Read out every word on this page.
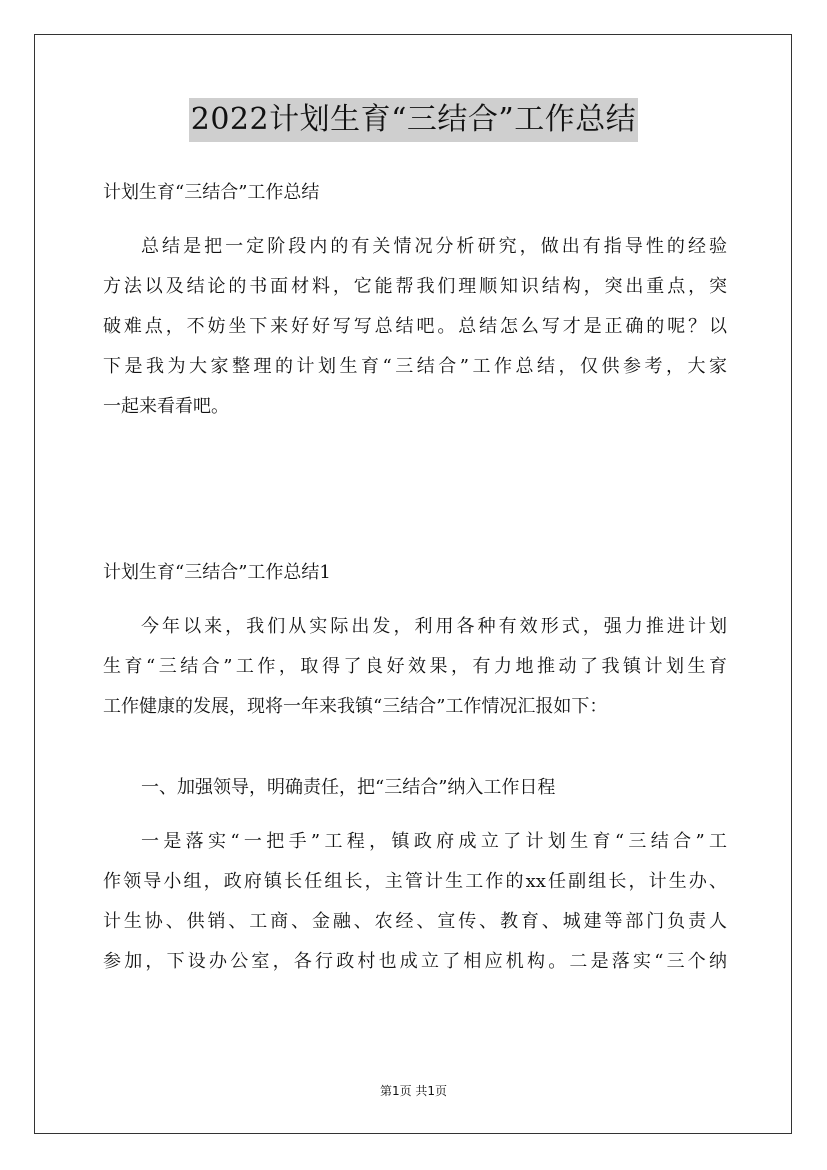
2022计划生育“三结合”工作总结

计划生育“三结合”工作总结

总结是把一定阶段内的有关情况分析研究，做出有指导性的经验

方法以及结论的书面材料，它能帮我们理顺知识结构，突出重点，突

破难点，不妨坐下来好好写写总结吧。总结怎么写才是正确的呢？以

下是我为大家整理的计划生育“三结合”工作总结，仅供参考，大家

一起来看看吧。

计划生育“三结合”工作总结1

今年以来，我们从实际出发，利用各种有效形式，强力推进计划

生育“三结合”工作，取得了良好效果，有力地推动了我镇计划生育

工作健康的发展，现将一年来我镇“三结合”工作情况汇报如下：

一、加强领导，明确责任，把“三结合”纳入工作日程

一是落实“一把手”工程，镇政府成立了计划生育“三结合”工

作领导小组，政府镇长任组长，主管计生工作的xx任副组长，计生办、

计生协、供销、工商、金融、农经、宣传、教育、城建等部门负责人

参加，下设办公室，各行政村也成立了相应机构。二是落实“三个纳

第1页 共1页
